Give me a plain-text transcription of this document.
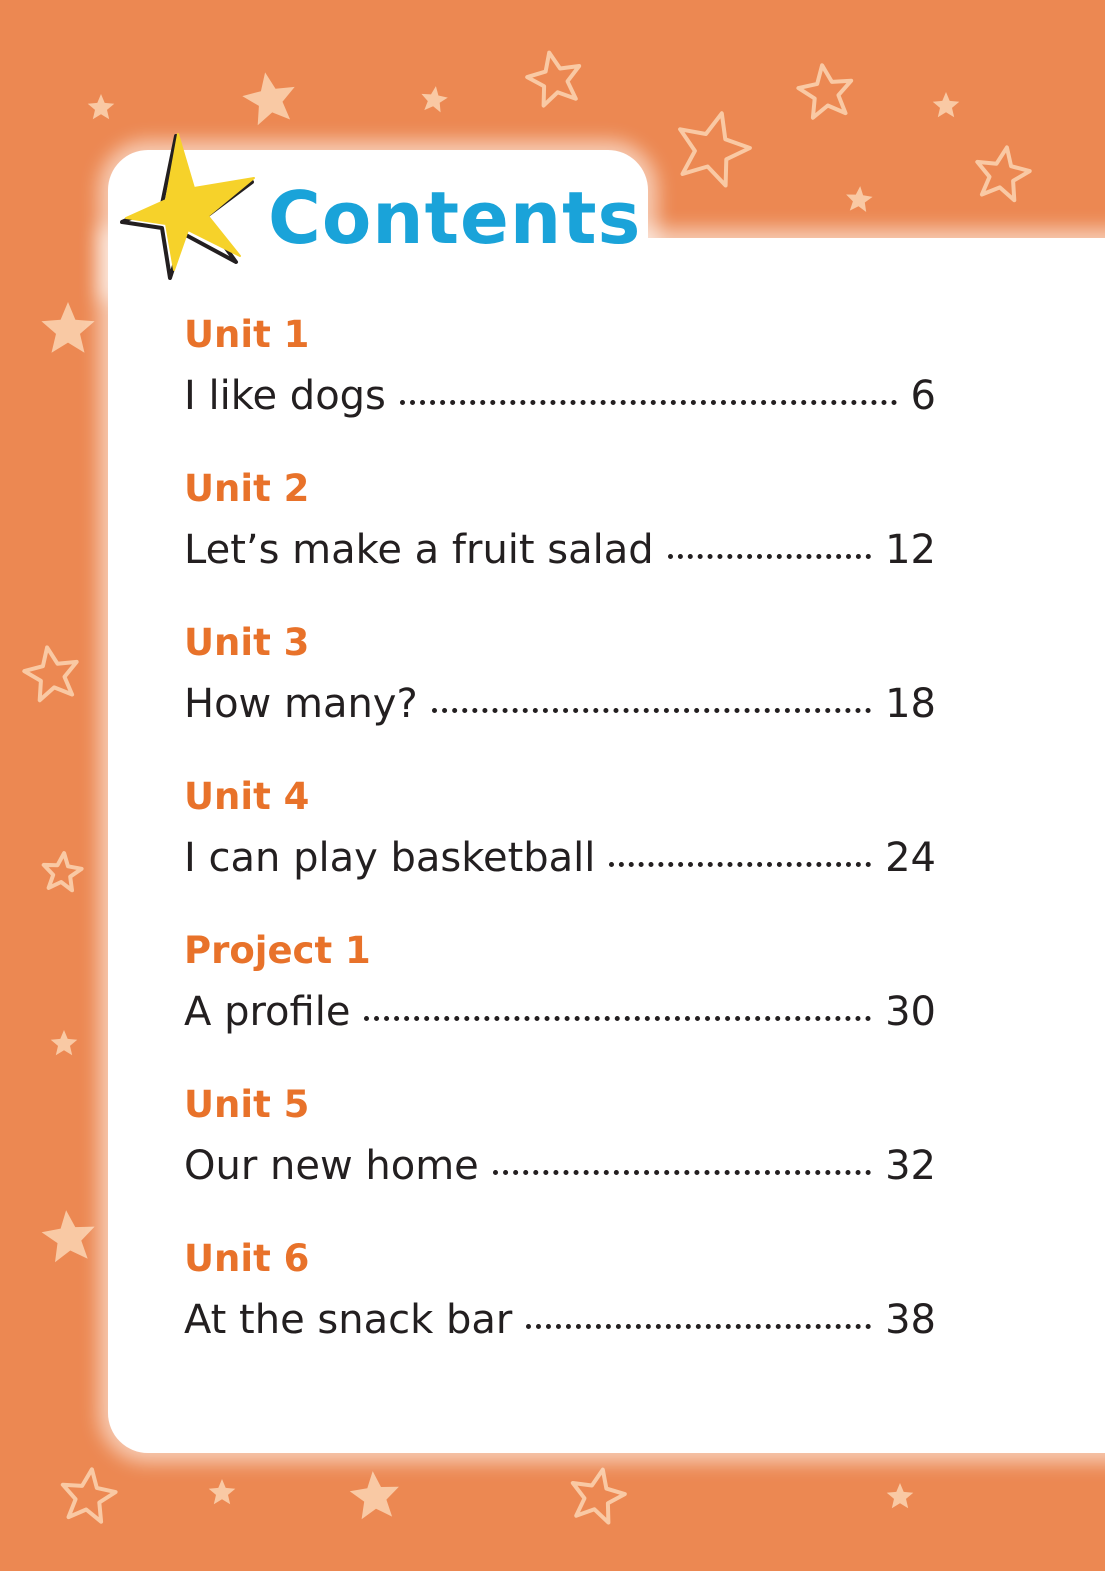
Contents
Unit 1
I like dogs	6
Unit 2
Let’s make a fruit salad	12
Unit 3
How many?	18
Unit 4
I can play basketball	24
Project 1
A profile	30
Unit 5
Our new home	32
Unit 6
At the snack bar	38
